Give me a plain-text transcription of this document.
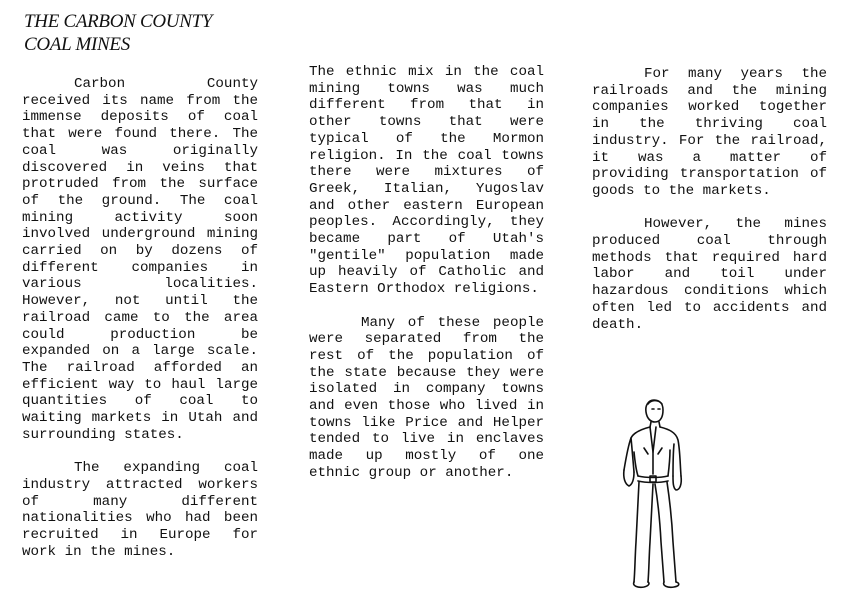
THE CARBON COUNTY
COAL MINES

Carbon County received its name from the immense deposits of coal that were found there. The coal was originally discovered in veins that protruded from the surface of the ground. The coal mining activity soon involved underground mining carried on by dozens of different companies in various localities. However, not until the railroad came to the area could production be expanded on a large scale. The railroad afforded an efficient way to haul large quantities of coal to waiting markets in Utah and surrounding states.

The expanding coal industry attracted workers of many different nationalities who had been recruited in Europe for work in the mines.

The ethnic mix in the coal mining towns was much different from that in other towns that were typical of the Mormon religion. In the coal towns there were mixtures of Greek, Italian, Yugoslav and other eastern European peoples. Accordingly, they became part of Utah's "gentile" population made up heavily of Catholic and Eastern Orthodox religions.

Many of these people were separated from the rest of the population of the state because they were isolated in company towns and even those who lived in towns like Price and Helper tended to live in enclaves made up mostly of one ethnic group or another.

For many years the railroads and the mining companies worked together in the thriving coal industry. For the railroad, it was a matter of providing transportation of goods to the markets.

However, the mines produced coal through methods that required hard labor and toil under hazardous conditions which often led to accidents and death.
